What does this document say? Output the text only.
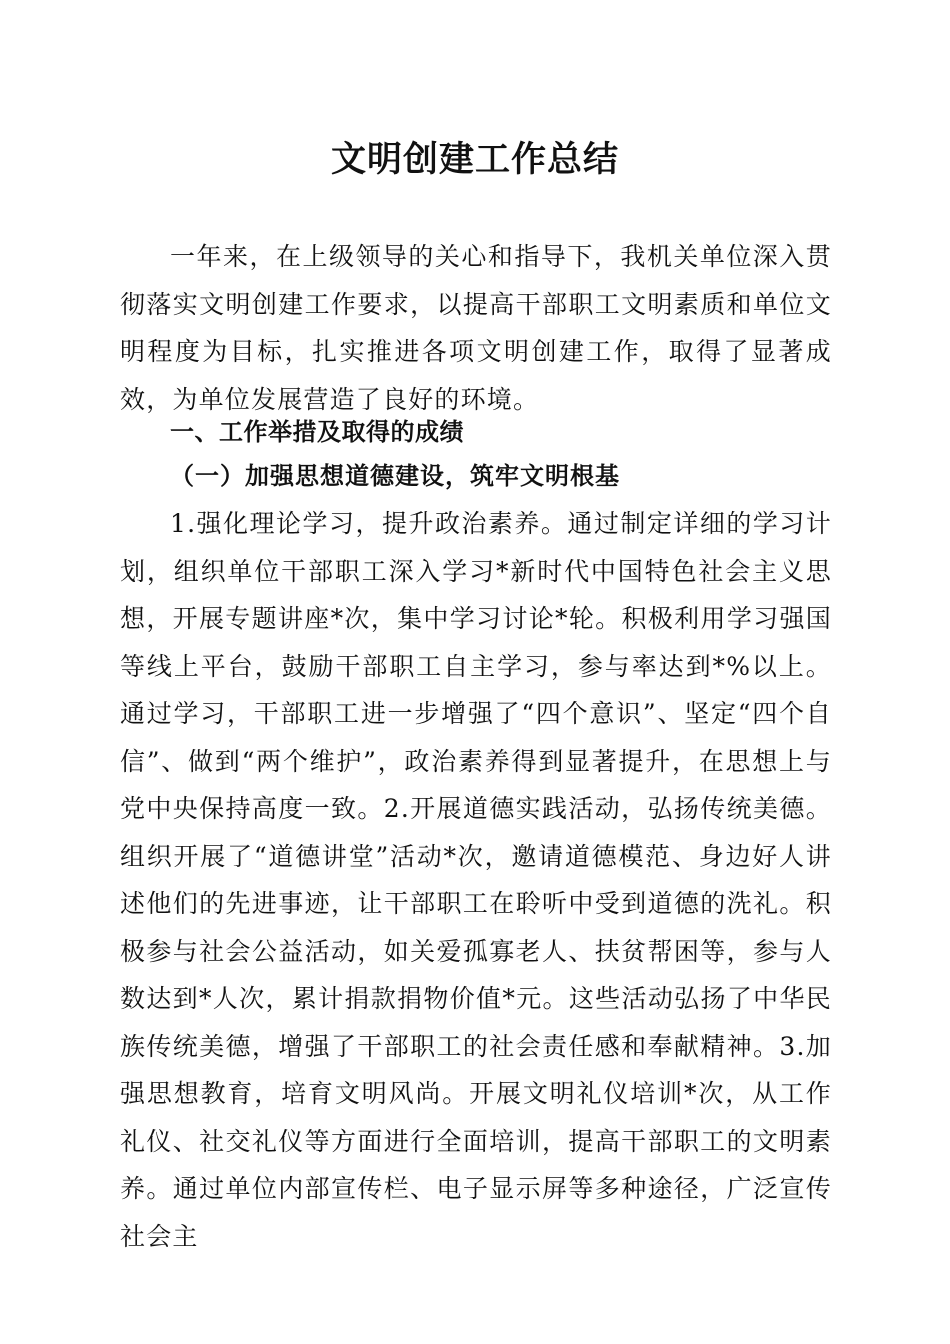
文明创建工作总结

一年来，在上级领导的关心和指导下，我机关单位深入贯彻落实文明创建工作要求，以提高干部职工文明素质和单位文明程度为目标，扎实推进各项文明创建工作，取得了显著成效，为单位发展营造了良好的环境。

一、工作举措及取得的成绩
（一）加强思想道德建设，筑牢文明根基

1.强化理论学习，提升政治素养。通过制定详细的学习计划，组织单位干部职工深入学习*新时代中国特色社会主义思想，开展专题讲座*次，集中学习讨论*轮。积极利用学习强国等线上平台，鼓励干部职工自主学习，参与率达到*%以上。通过学习，干部职工进一步增强了“四个意识”、坚定“四个自信”、做到“两个维护”，政治素养得到显著提升，在思想上与党中央保持高度一致。2.开展道德实践活动，弘扬传统美德。组织开展了“道德讲堂”活动*次，邀请道德模范、身边好人讲述他们的先进事迹，让干部职工在聆听中受到道德的洗礼。积极参与社会公益活动，如关爱孤寡老人、扶贫帮困等，参与人数达到*人次，累计捐款捐物价值*元。这些活动弘扬了中华民族传统美德，增强了干部职工的社会责任感和奉献精神。3.加强思想教育，培育文明风尚。开展文明礼仪培训*次，从工作礼仪、社交礼仪等方面进行全面培训，提高干部职工的文明素养。通过单位内部宣传栏、电子显示屏等多种途径，广泛宣传社会主
